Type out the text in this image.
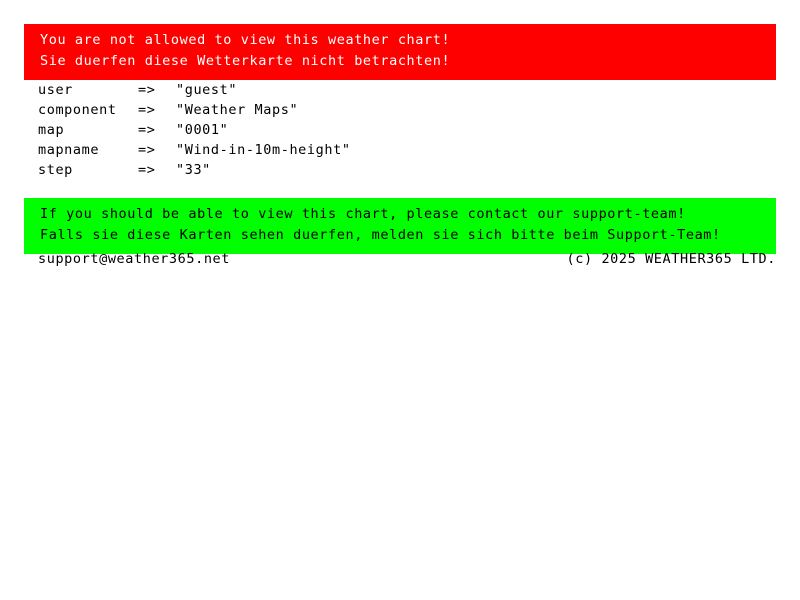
You are not allowed to view this weather chart!
Sie duerfen diese Wetterkarte nicht betrachten!
user	=>	"guest"
component	=>	"Weather Maps"
map	=>	"0001"
mapname	=>	"Wind-in-10m-height"
step	=>	"33"
If you should be able to view this chart, please contact our support-team!
Falls sie diese Karten sehen duerfen, melden sie sich bitte beim Support-Team!
support@weather365.net	(c) 2025 WEATHER365 LTD.
